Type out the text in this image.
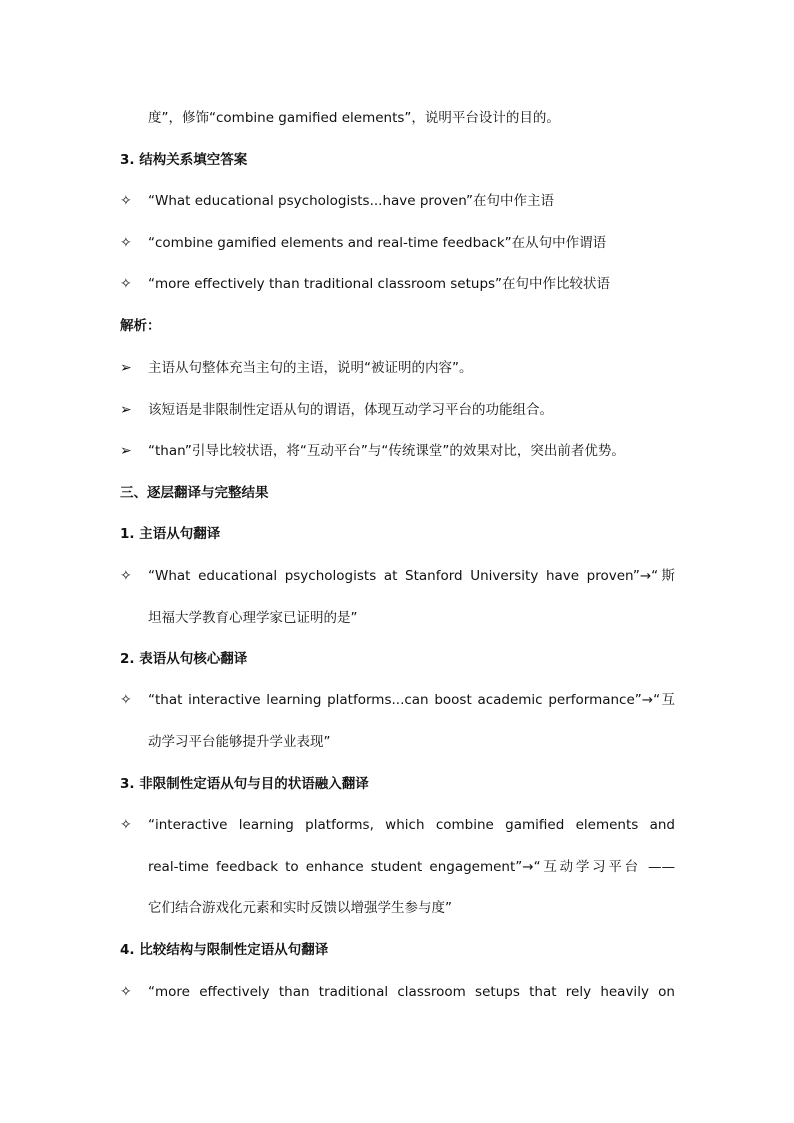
度”，修饰“combine gamified elements”，说明平台设计的目的。
3. 结构关系填空答案
✧	“What educational psychologists...have proven”在句中作主语
✧	“combine gamified elements and real-time feedback”在从句中作谓语
✧	“more effectively than traditional classroom setups”在句中作比较状语
解析：
➢	主语从句整体充当主句的主语，说明“被证明的内容”。
➢	该短语是非限制性定语从句的谓语，体现互动学习平台的功能组合。
➢	“than”引导比较状语，将“互动平台”与“传统课堂”的效果对比，突出前者优势。
三、逐层翻译与完整结果
1. 主语从句翻译
✧	“What educational psychologists at Stanford University have proven”→“斯
坦福大学教育心理学家已证明的是”
2. 表语从句核心翻译
✧	“that interactive learning platforms...can boost academic performance”→“互
动学习平台能够提升学业表现”
3. 非限制性定语从句与目的状语融入翻译
✧	“interactive learning platforms, which combine gamified elements and
real-time feedback to enhance student engagement”→“互动学习平台 ——
它们结合游戏化元素和实时反馈以增强学生参与度”
4. 比较结构与限制性定语从句翻译
✧	“more effectively than traditional classroom setups that rely heavily on
